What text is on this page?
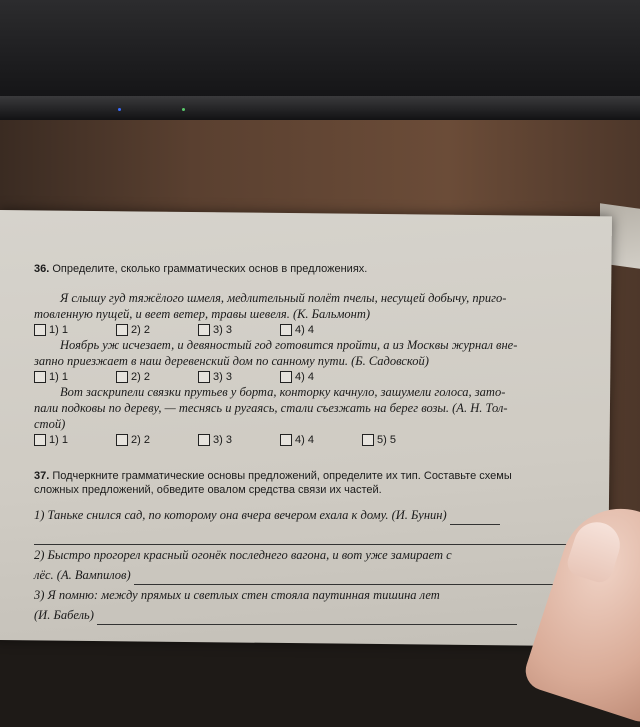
36. Определите, сколько грамматических основ в предложениях.
Я слышу гуд тяжёлого шмеля, медлительный полёт пчелы, несущей добычу, приго-
товленную пущей, и веет ветер, травы шевеля. (К. Бальмонт)
1) 1	2) 2	3) 3	4) 4
Ноябрь уж исчезает, и девяностый год готовится пройти, а из Москвы журнал вне-
запно приезжает в наш деревенский дом по санному пути. (Б. Садовской)
1) 1	2) 2	3) 3	4) 4
Вот заскрипели связки прутьев у борта, конторку качнуло, зашумели голоса, зато-
пали подковы по дереву, — теснясь и ругаясь, стали съезжать на берег возы. (А. Н. Тол-
стой)
1) 1	2) 2	3) 3	4) 4	5) 5
37. Подчеркните грамматические основы предложений, определите их тип. Составьте схемы
сложных предложений, обведите овалом средства связи их частей.
1) Таньке снился сад, по которому она вчера вечером ехала к дому. (И. Бунин)
2) Быстро прогорел красный огонёк последнего вагона, и вот уже замирает с
лёс. (А. Вампилов)
3) Я помню: между прямых и светлых стен стояла паутинная тишина лет
(И. Бабель)
